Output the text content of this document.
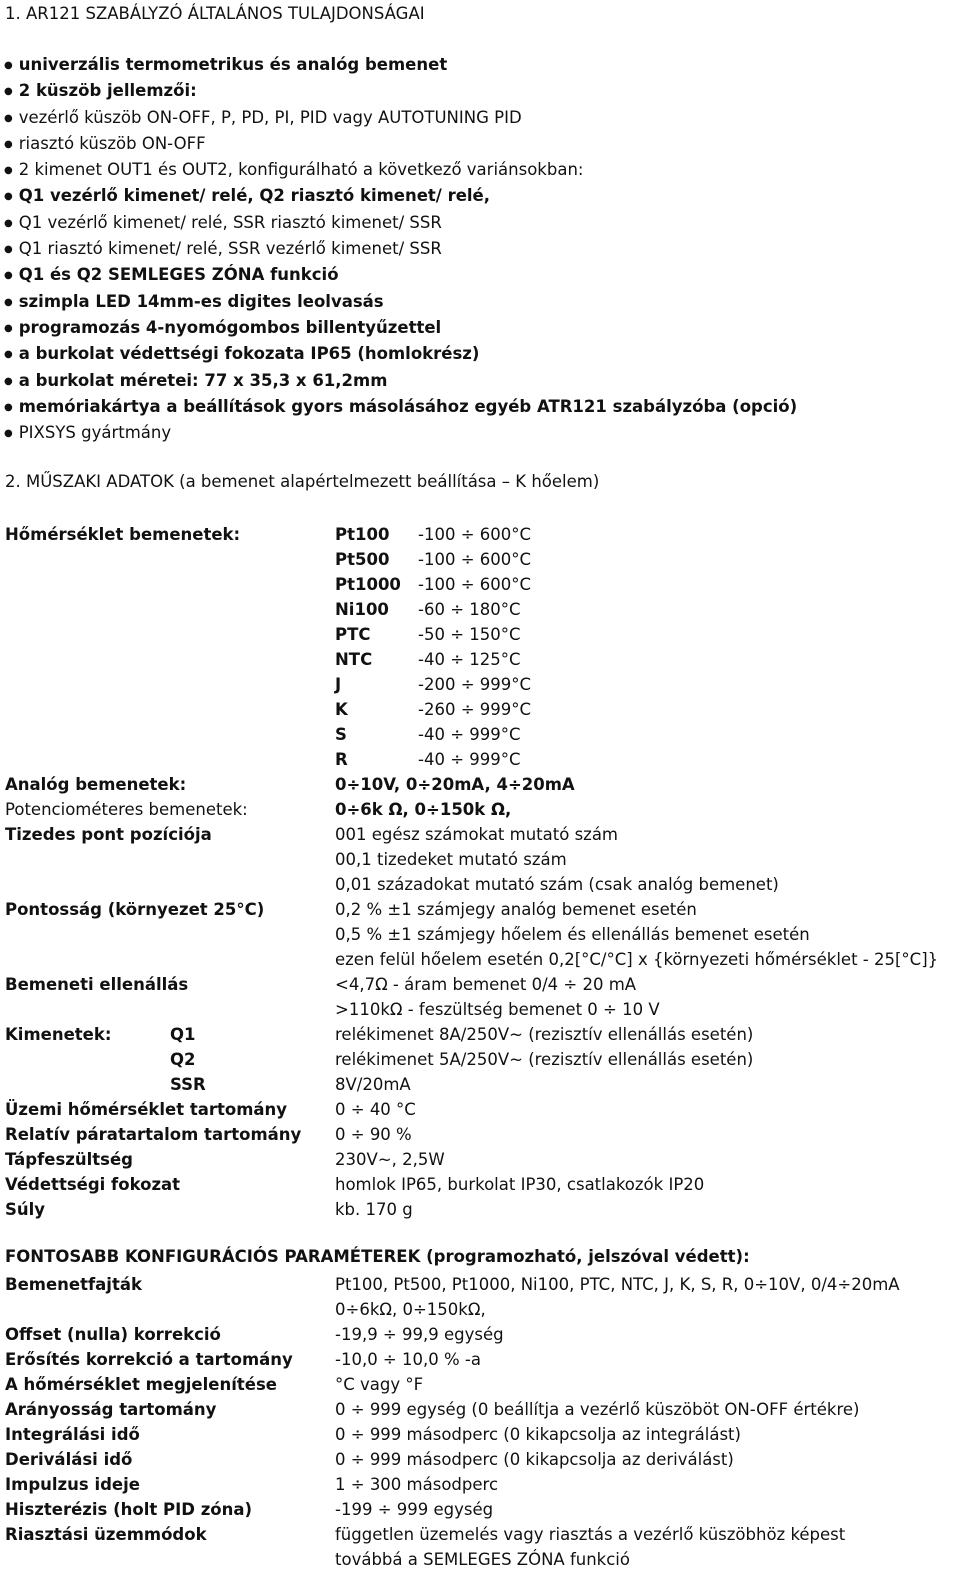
1. AR121 SZABÁLYZÓ ÁLTALÁNOS TULAJDONSÁGAI
● univerzális termometrikus és analóg bemenet
● 2 küszöb jellemzői:
● vezérlő küszöb ON-OFF, P, PD, PI, PID vagy AUTOTUNING PID
● riasztó küszöb ON-OFF
● 2 kimenet OUT1 és OUT2, konfigurálható a következő variánsokban:
● Q1 vezérlő kimenet/ relé, Q2 riasztó kimenet/ relé,
● Q1 vezérlő kimenet/ relé, SSR riasztó kimenet/ SSR
● Q1 riasztó kimenet/ relé, SSR vezérlő kimenet/ SSR
● Q1 és Q2 SEMLEGES ZÓNA funkció
● szimpla LED 14mm-es digites leolvasás
● programozás 4-nyomógombos billentyűzettel
● a burkolat védettségi fokozata IP65 (homlokrész)
● a burkolat méretei: 77 x 35,3 x 61,2mm
● memóriakártya a beállítások gyors másolásához egyéb ATR121 szabályzóba (opció)
● PIXSYS gyártmány
2. MŰSZAKI ADATOK (a bemenet alapértelmezett beállítása – K hőelem)
Hőmérséklet bemenetek:	Pt100 -100 ÷ 600°C
Pt500 -100 ÷ 600°C
Pt1000 -100 ÷ 600°C
Ni100 -60 ÷ 180°C
PTC	-50 ÷ 150°C
NTC	-40 ÷ 125°C
J	-200 ÷ 999°C
K	-260 ÷ 999°C
S	-40 ÷ 999°C
R	-40 ÷ 999°C
Analóg bemenetek:	0÷10V, 0÷20mA, 4÷20mA
Potenciométeres bemenetek:	0÷6k Ω, 0÷150k Ω,
Tizedes pont pozíciója	001 egész számokat mutató szám
00,1 tizedeket mutató szám
0,01 századokat mutató szám (csak analóg bemenet)
Pontosság (környezet 25°C)	0,2 % ±1 számjegy analóg bemenet esetén
0,5 % ±1 számjegy hőelem és ellenállás bemenet esetén
ezen felül hőelem esetén 0,2[°C/°C] x {környezeti hőmérséklet - 25[°C]}
Bemeneti ellenállás	<4,7Ω - áram bemenet 0/4 ÷ 20 mA
>110kΩ - feszültség bemenet 0 ÷ 10 V
Kimenetek:	Q1	relékimenet 8A/250V~ (rezisztív ellenállás esetén)
Q2	relékimenet 5A/250V~ (rezisztív ellenállás esetén)
SSR	8V/20mA
Üzemi hőmérséklet tartomány	0 ÷ 40 °C
Relatív páratartalom tartomány 0 ÷ 90 %
Tápfeszültség	230V~, 2,5W
Védettségi fokozat	homlok IP65, burkolat IP30, csatlakozók IP20
Súly	kb. 170 g
FONTOSABB KONFIGURÁCIÓS PARAMÉTEREK (programozható, jelszóval védett):
Bemenetfajták	Pt100, Pt500, Pt1000, Ni100, PTC, NTC, J, K, S, R, 0÷10V, 0/4÷20mA
0÷6kΩ, 0÷150kΩ,
Offset (nulla) korrekció	-19,9 ÷ 99,9 egység
Erősítés korrekció a tartomány	-10,0 ÷ 10,0 % -a
A hőmérséklet megjelenítése	°C vagy °F
Arányosság tartomány	0 ÷ 999 egység (0 beállítja a vezérlő küszöböt ON-OFF értékre)
Integrálási idő	0 ÷ 999 másodperc (0 kikapcsolja az integrálást)
Deriválási idő	0 ÷ 999 másodperc (0 kikapcsolja az deriválást)
Impulzus ideje	1 ÷ 300 másodperc
Hiszterézis (holt PID zóna)	-199 ÷ 999 egység
Riasztási üzemmódok	független üzemelés vagy riasztás a vezérlő küszöbhöz képest
továbbá a SEMLEGES ZÓNA funkció
